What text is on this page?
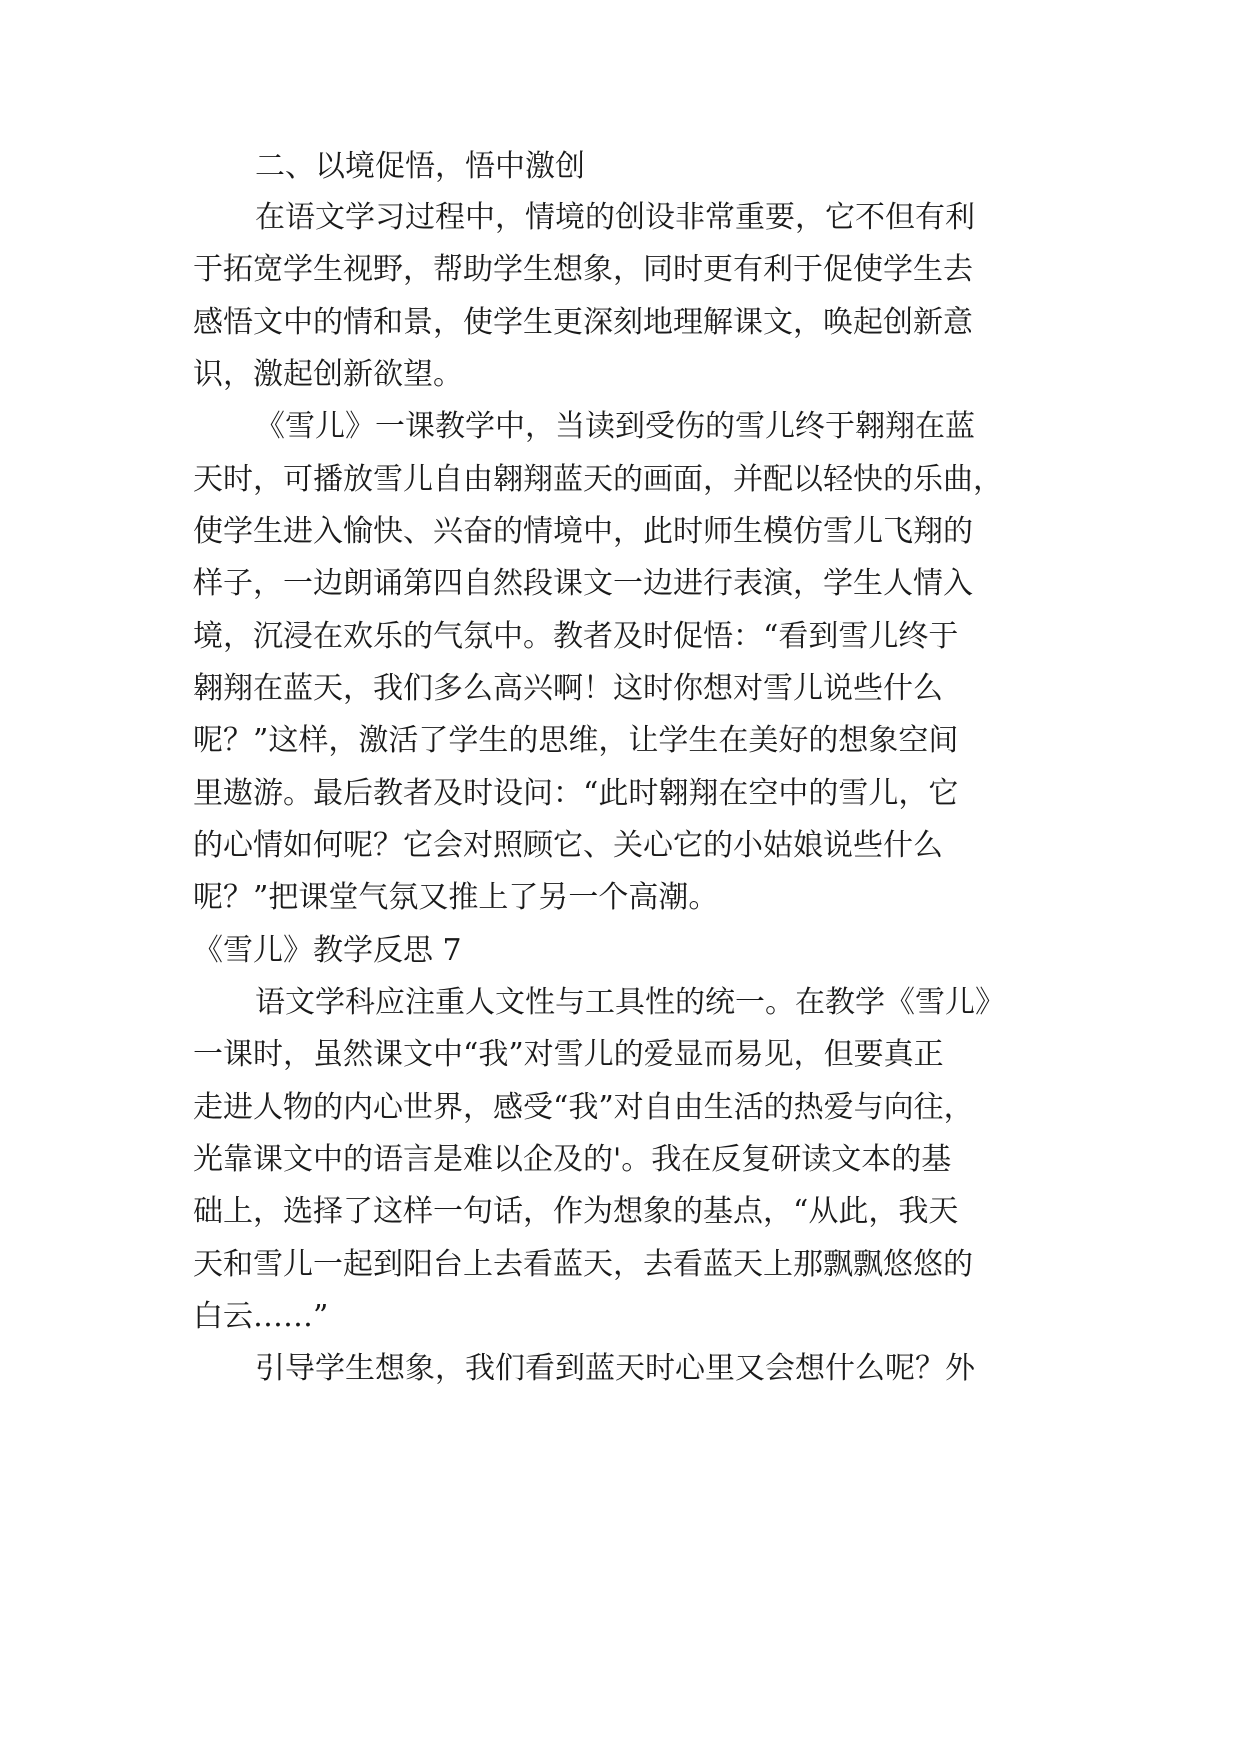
二、以境促悟，悟中激创

在语文学习过程中，情境的创设非常重要，它不但有利

于拓宽学生视野，帮助学生想象，同时更有利于促使学生去

感悟文中的情和景，使学生更深刻地理解课文，唤起创新意

识，激起创新欲望。

《雪儿》一课教学中，当读到受伤的雪儿终于翱翔在蓝

天时，可播放雪儿自由翱翔蓝天的画面，并配以轻快的乐曲，

使学生进入愉快、兴奋的情境中，此时师生模仿雪儿飞翔的

样子，一边朗诵第四自然段课文一边进行表演，学生人情入

境，沉浸在欢乐的气氛中。教者及时促悟：“看到雪儿终于

翱翔在蓝天，我们多么高兴啊！这时你想对雪儿说些什么

呢？”这样，激活了学生的思维，让学生在美好的想象空间

里遨游。最后教者及时设问：“此时翱翔在空中的雪儿，它

的心情如何呢？它会对照顾它、关心它的小姑娘说些什么

呢？”把课堂气氛又推上了另一个高潮。

《雪儿》教学反思 7

语文学科应注重人文性与工具性的统一。在教学《雪儿》

一课时，虽然课文中“我”对雪儿的爱显而易见，但要真正

走进人物的内心世界，感受“我”对自由生活的热爱与向往，

光靠课文中的语言是难以企及的'。我在反复研读文本的基

础上，选择了这样一句话，作为想象的基点，“从此，我天

天和雪儿一起到阳台上去看蓝天，去看蓝天上那飘飘悠悠的

白云……”

引导学生想象，我们看到蓝天时心里又会想什么呢？外
